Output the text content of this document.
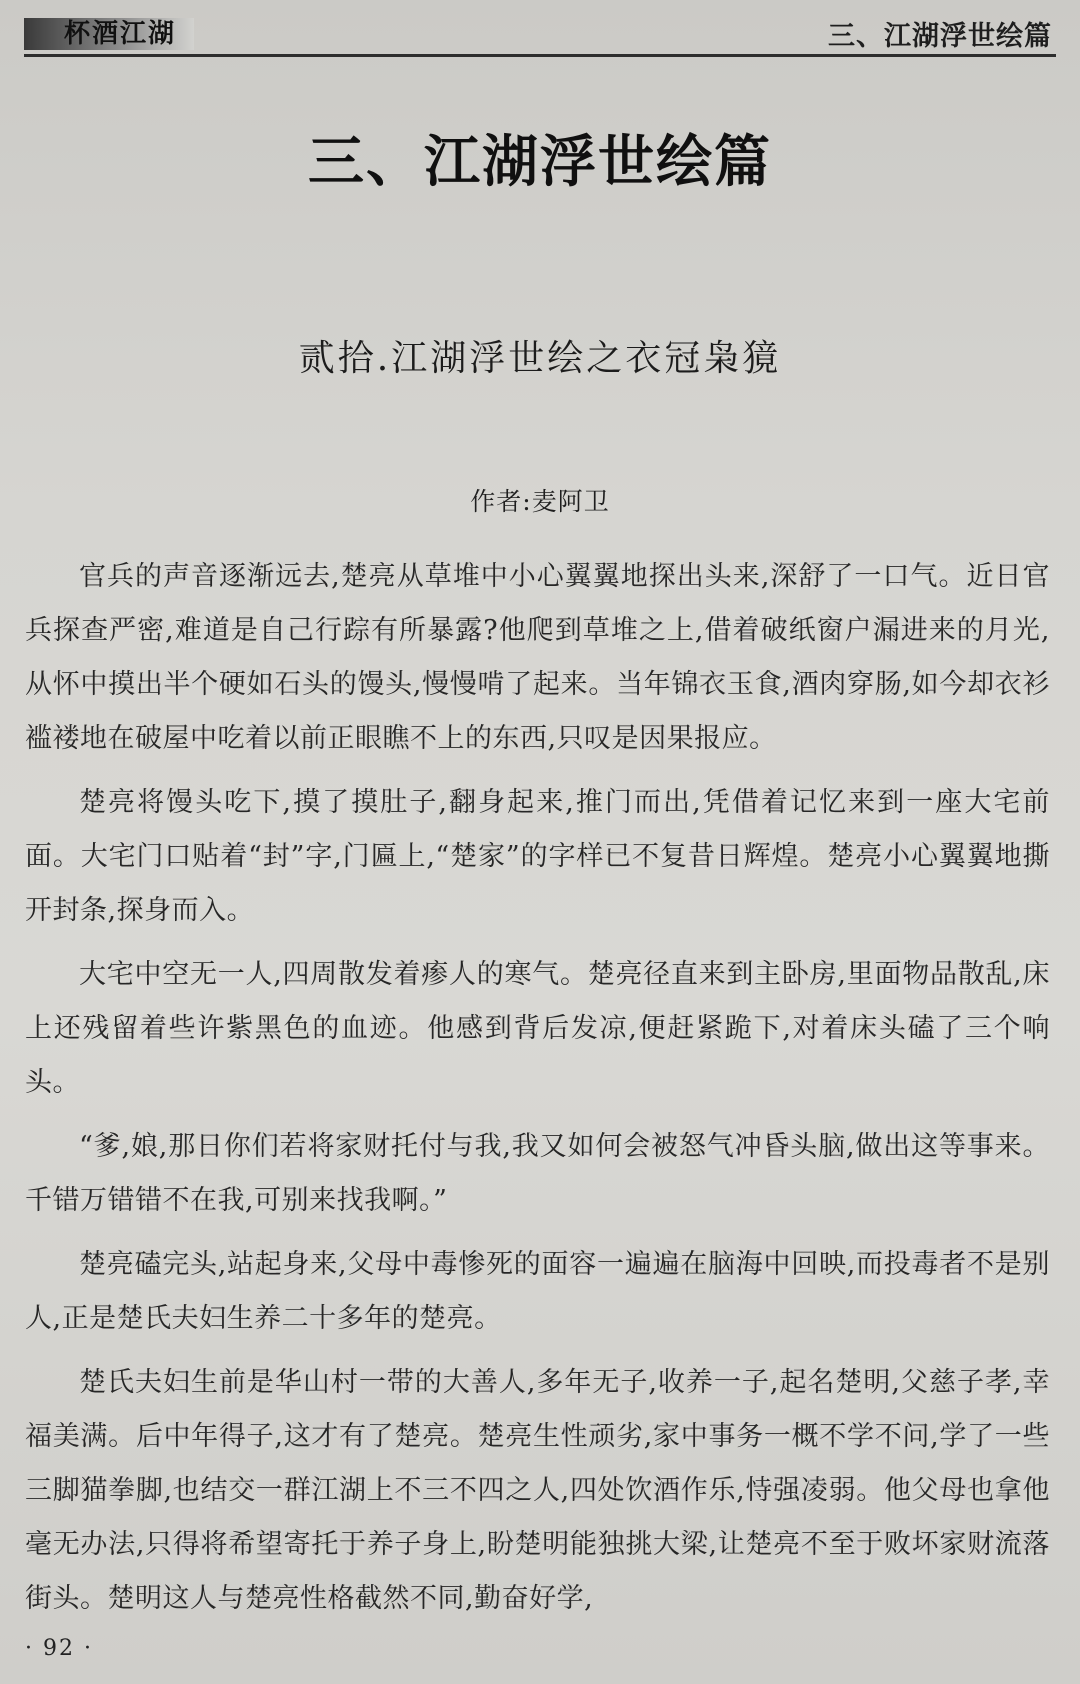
杯酒江湖	三、江湖浮世绘篇
三、江湖浮世绘篇
贰拾.江湖浮世绘之衣冠枭獍
作者:麦阿卫

官兵的声音逐渐远去,楚亮从草堆中小心翼翼地探出头来,深舒了一口气。近日官兵探查严密,难道是自己行踪有所暴露?他爬到草堆之上,借着破纸窗户漏进来的月光,从怀中摸出半个硬如石头的馒头,慢慢啃了起来。当年锦衣玉食,酒肉穿肠,如今却衣衫褴褛地在破屋中吃着以前正眼瞧不上的东西,只叹是因果报应。

楚亮将馒头吃下,摸了摸肚子,翻身起来,推门而出,凭借着记忆来到一座大宅前面。大宅门口贴着“封”字,门匾上,“楚家”的字样已不复昔日辉煌。楚亮小心翼翼地撕开封条,探身而入。

大宅中空无一人,四周散发着瘆人的寒气。楚亮径直来到主卧房,里面物品散乱,床上还残留着些许紫黑色的血迹。他感到背后发凉,便赶紧跪下,对着床头磕了三个响头。

“爹,娘,那日你们若将家财托付与我,我又如何会被怒气冲昏头脑,做出这等事来。千错万错错不在我,可别来找我啊。”

楚亮磕完头,站起身来,父母中毒惨死的面容一遍遍在脑海中回映,而投毒者不是别人,正是楚氏夫妇生养二十多年的楚亮。

楚氏夫妇生前是华山村一带的大善人,多年无子,收养一子,起名楚明,父慈子孝,幸福美满。后中年得子,这才有了楚亮。楚亮生性顽劣,家中事务一概不学不问,学了一些三脚猫拳脚,也结交一群江湖上不三不四之人,四处饮酒作乐,恃强凌弱。他父母也拿他毫无办法,只得将希望寄托于养子身上,盼楚明能独挑大梁,让楚亮不至于败坏家财流落街头。楚明这人与楚亮性格截然不同,勤奋好学,

· 92 ·
